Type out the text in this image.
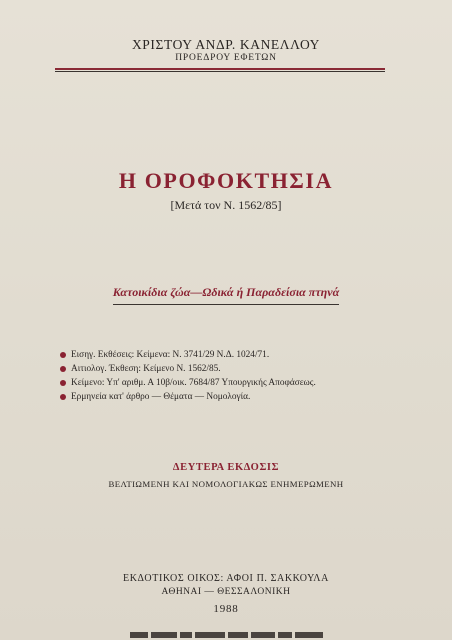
ΧΡΙΣΤΟΥ ΑΝΔΡ. ΚΑΝΕΛΛΟΥ
ΠΡΟΕΔΡΟΥ ΕΦΕΤΩΝ
Η ΟΡΟΦΟΚΤΗΣΙΑ
[Μετά τον Ν. 1562/85]
Κατοικίδια ζώα—Ωδικά ή Παραδείσια πτηνά
Εισηγ. Εκθέσεις: Κείμενα: Ν. 3741/29 Ν.Δ. 1024/71.
Αιτιολογ. Έκθεση: Κείμενο Ν. 1562/85.
Κείμενο: Υπ' αριθμ. Α 10β/οικ. 7684/87 Υπουργικής Αποφάσεως.
Ερμηνεία κατ' άρθρο — Θέματα — Νομολογία.
ΔΕΥΤΕΡΑ ΕΚΔΟΣΙΣ
ΒΕΛΤΙΩΜΕΝΗ ΚΑΙ ΝΟΜΟΛΟΓΙΑΚΩΣ ΕΝΗΜΕΡΩΜΕΝΗ
ΕΚΔΟΤΙΚΟΣ ΟΙΚΟΣ: ΑΦΟΙ Π. ΣΑΚΚΟΥΛΑ
ΑΘΗΝΑΙ — ΘΕΣΣΑΛΟΝΙΚΗ
1988
